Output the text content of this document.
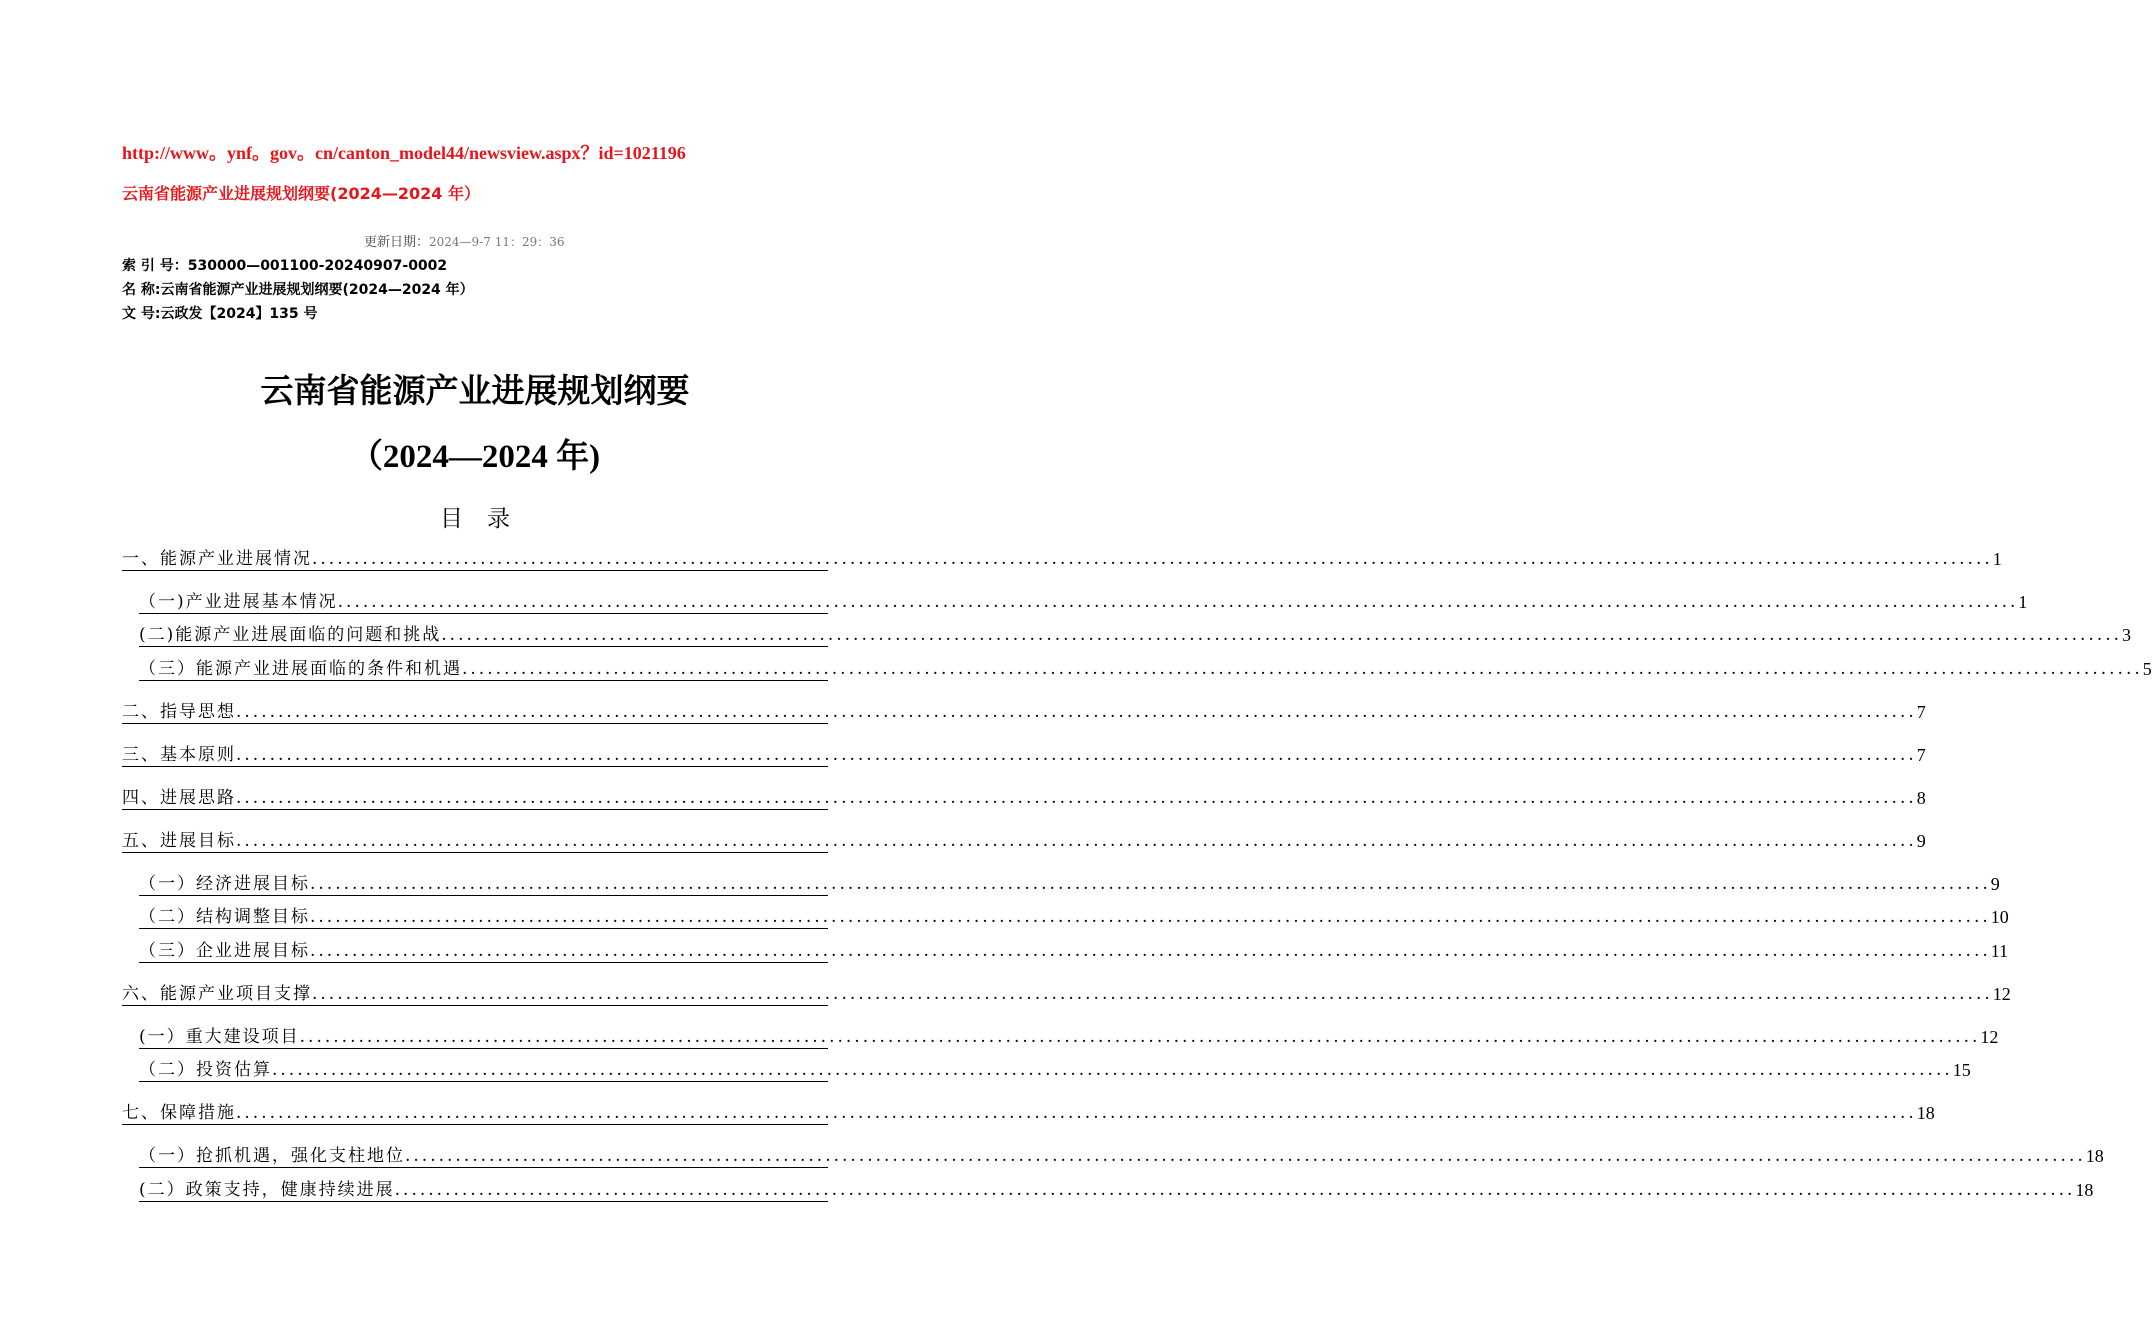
http://www。ynf。gov。cn/canton_model44/newsview.aspx？id=1021196
云南省能源产业进展规划纲要(2024—2024 年）
更新日期：2024—9-7 11：29：36
索 引 号：530000—001100-20240907-0002
名 称:云南省能源产业进展规划纲要(2024—2024 年）
文 号:云政发【2024】135 号
云南省能源产业进展规划纲要
（2024—2024 年)
目录
一、能源产业进展情况 ........................................................................................................................................................................................................ 1
（一)产业进展基本情况 ........................................................................................................................................................................................................ 1
(二)能源产业进展面临的问题和挑战 ........................................................................................................................................................................................................ 3
（三）能源产业进展面临的条件和机遇 ........................................................................................................................................................................................................ 5
二、指导思想 ........................................................................................................................................................................................................ 7
三、基本原则 ........................................................................................................................................................................................................ 7
四、进展思路 ........................................................................................................................................................................................................ 8
五、进展目标 ........................................................................................................................................................................................................ 9
（一）经济进展目标 ........................................................................................................................................................................................................ 9
（二）结构调整目标 ........................................................................................................................................................................................................ 10
（三）企业进展目标 ........................................................................................................................................................................................................ 11
六、能源产业项目支撑 ........................................................................................................................................................................................................ 12
(一）重大建设项目 ........................................................................................................................................................................................................ 12
（二）投资估算 ........................................................................................................................................................................................................ 15
七、保障措施 ........................................................................................................................................................................................................ 18
（一）抢抓机遇，强化支柱地位 ........................................................................................................................................................................................................ 18
(二）政策支持，健康持续进展 ........................................................................................................................................................................................................ 18
